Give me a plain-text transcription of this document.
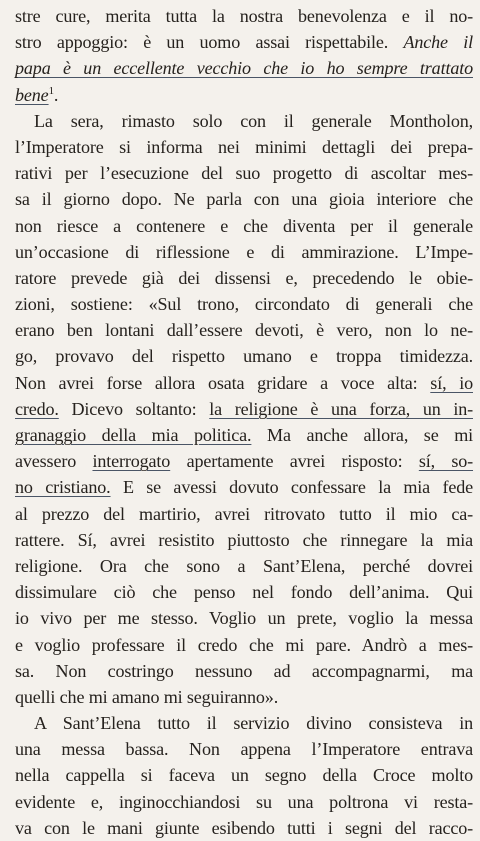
stre cure, merita tutta la nostra benevolenza e il no-
stro appoggio: è un uomo assai rispettabile. Anche il
papa è un eccellente vecchio che io ho sempre trattato
bene$^1$.
La sera, rimasto solo con il generale Montholon,
l’Imperatore si informa nei minimi dettagli dei prepa-
rativi per l’esecuzione del suo progetto di ascoltar mes-
sa il giorno dopo. Ne parla con una gioia interiore che
non riesce a contenere e che diventa per il generale
un’occasione di riflessione e di ammirazione. L’Impe-
ratore prevede già dei dissensi e, precedendo le obie-
zioni, sostiene: «Sul trono, circondato di generali che
erano ben lontani dall’essere devoti, è vero, non lo ne-
go, provavo del rispetto umano e troppa timidezza.
Non avrei forse allora osata gridare a voce alta: sí, io
credo. Dicevo soltanto: la religione è una forza, un in-
granaggio della mia politica. Ma anche allora, se mi
avessero interrogato apertamente avrei risposto: sí, so-
no cristiano. E se avessi dovuto confessare la mia fede
al prezzo del martirio, avrei ritrovato tutto il mio ca-
rattere. Sí, avrei resistito piuttosto che rinnegare la mia
religione. Ora che sono a Sant’Elena, perché dovrei
dissimulare ciò che penso nel fondo dell’anima. Qui
io vivo per me stesso. Voglio un prete, voglio la messa
e voglio professare il credo che mi pare. Andrò a mes-
sa. Non costringo nessuno ad accompagnarmi, ma
quelli che mi amano mi seguiranno».
A Sant’Elena tutto il servizio divino consisteva in
una messa bassa. Non appena l’Imperatore entrava
nella cappella si faceva un segno della Croce molto
evidente e, inginocchiandosi su una poltrona vi resta-
va con le mani giunte esibendo tutti i segni del racco-
